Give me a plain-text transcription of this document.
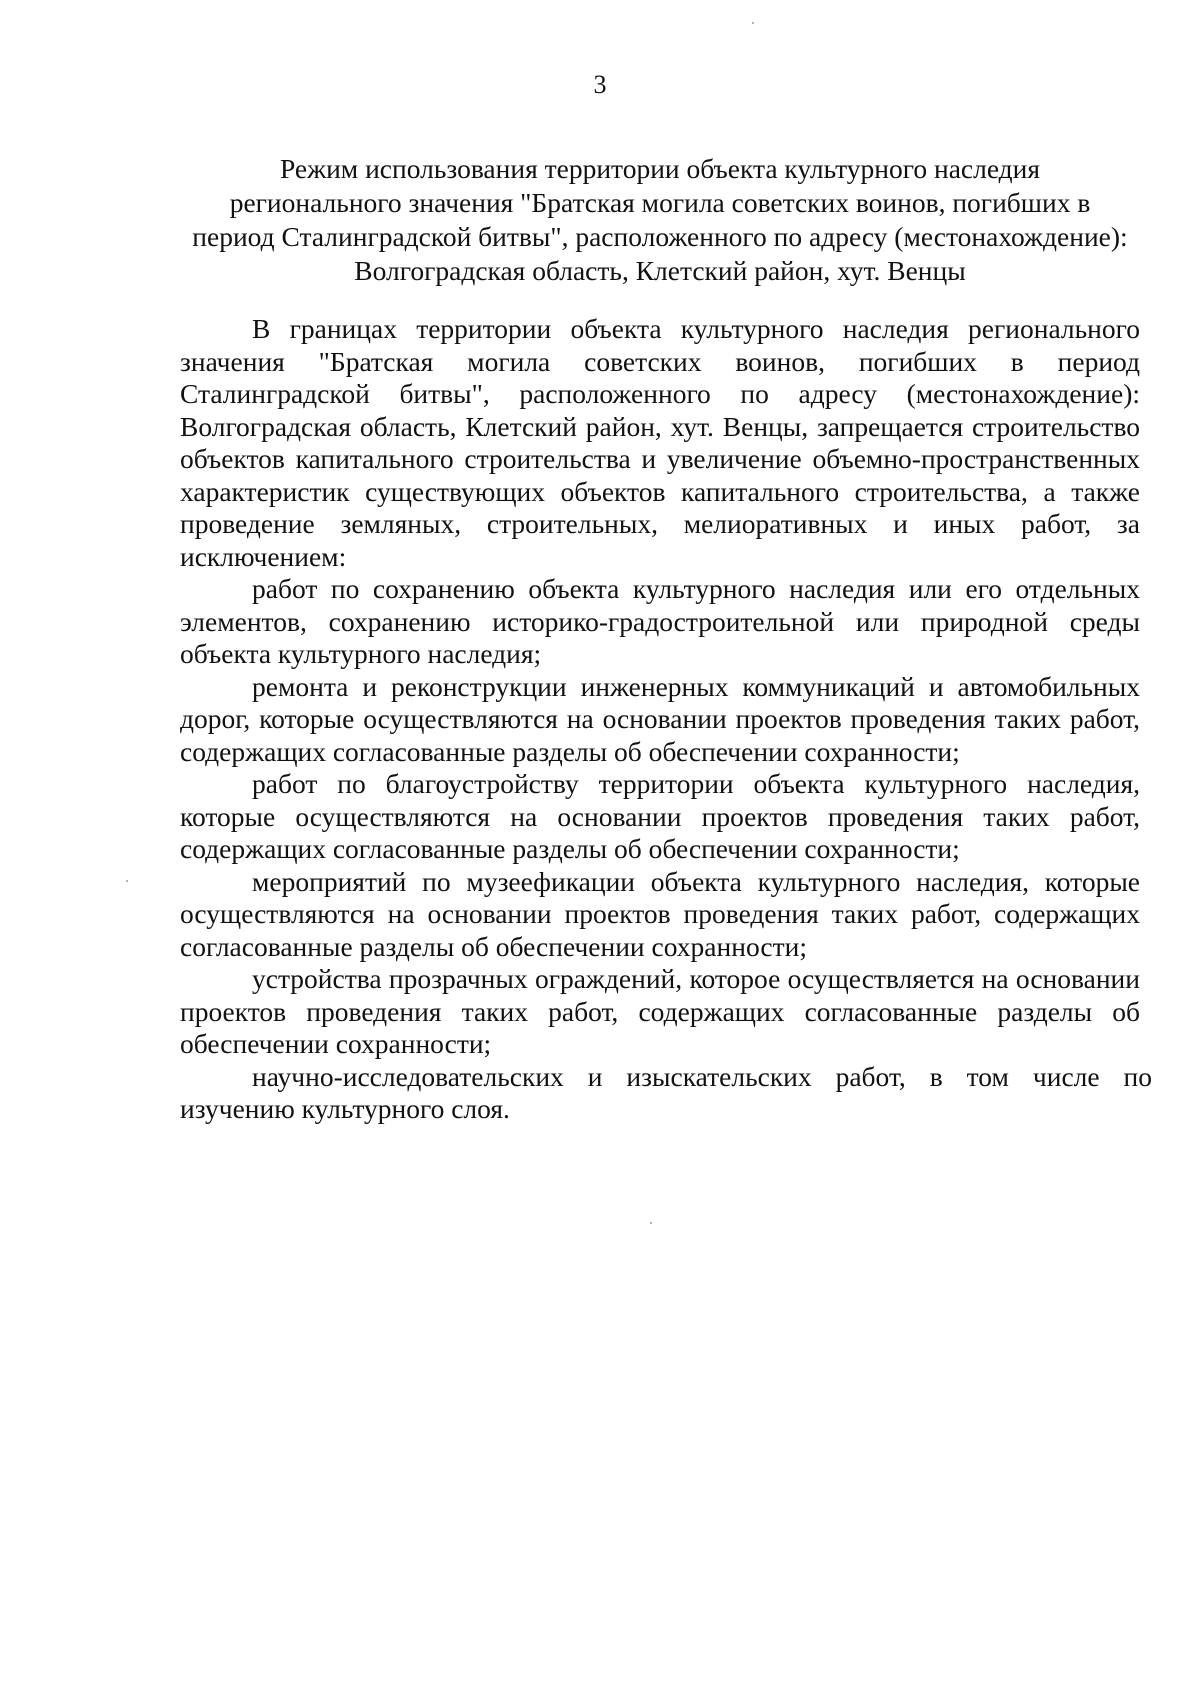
3
Режим использования территории объекта культурного наследия
регионального значения "Братская могила советских воинов, погибших в
период Сталинградской битвы", расположенного по адресу (местонахождение):
Волгоградская область, Клетский район, хут. Венцы

В границах территории объекта культурного наследия регионального значения "Братская могила советских воинов, погибших в период Сталинградской битвы", расположенного по адресу (местонахождение): Волгоградская область, Клетский район, хут. Венцы, запрещается строительство объектов капитального строительства и увеличение объемно-пространственных характеристик существующих объектов капитального строительства, а также проведение земляных, строительных, мелиоративных и иных работ, за исключением:

работ по сохранению объекта культурного наследия или его отдельных элементов, сохранению историко-градостроительной или природной среды объекта культурного наследия;

ремонта и реконструкции инженерных коммуникаций и автомобильных дорог, которые осуществляются на основании проектов проведения таких работ, содержащих согласованные разделы об обеспечении сохранности;

работ по благоустройству территории объекта культурного наследия, которые осуществляются на основании проектов проведения таких работ, содержащих согласованные разделы об обеспечении сохранности;

мероприятий по музеефикации объекта культурного наследия, которые осуществляются на основании проектов проведения таких работ, содержащих согласованные разделы об обеспечении сохранности;

устройства прозрачных ограждений, которое осуществляется на основании проектов проведения таких работ, содержащих согласованные разделы об обеспечении сохранности;

научно-исследовательских и изыскательских работ, в том числе по изучению культурного слоя.
